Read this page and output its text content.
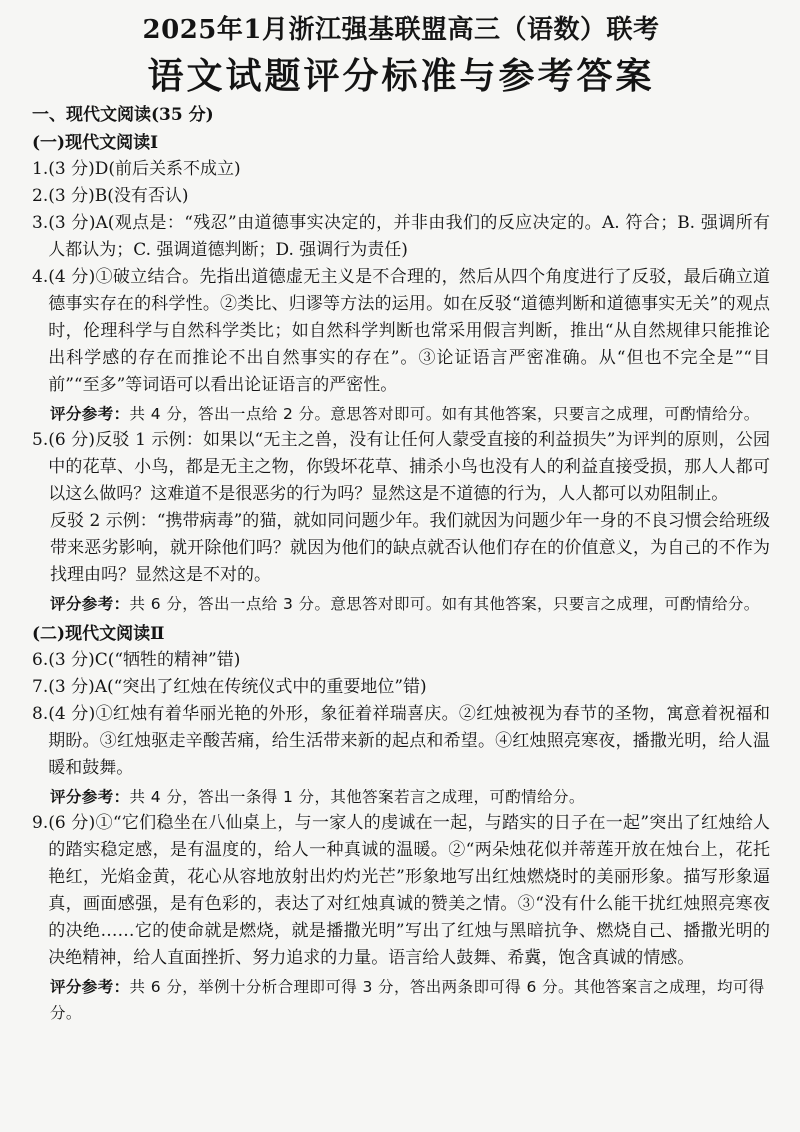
2025年1月浙江强基联盟高三（语数）联考
语文试题评分标准与参考答案
一、现代文阅读(35 分)
(一)现代文阅读Ⅰ
1. (3 分)D(前后关系不成立)
2. (3 分)B(没有否认)
3. (3 分)A(观点是：“残忍”由道德事实决定的，并非由我们的反应决定的。A. 符合；B. 强调所有人都认为；C. 强调道德判断；D. 强调行为责任)
4. (4 分)①破立结合。先指出道德虚无主义是不合理的，然后从四个角度进行了反驳，最后确立道德事实存在的科学性。②类比、归谬等方法的运用。如在反驳“道德判断和道德事实无关”的观点时，伦理科学与自然科学类比；如自然科学判断也常采用假言判断，推出“从自然规律只能推论出科学感的存在而推论不出自然事实的存在”。③论证语言严密准确。从“但也不完全是”“目前”“至多”等词语可以看出论证语言的严密性。
评分参考：共 4 分，答出一点给 2 分。意思答对即可。如有其他答案，只要言之成理，可酌情给分。
5. (6 分)反驳 1 示例：如果以“无主之兽，没有让任何人蒙受直接的利益损失”为评判的原则，公园中的花草、小鸟，都是无主之物，你毁坏花草、捕杀小鸟也没有人的利益直接受损，那人人都可以这么做吗？这难道不是很恶劣的行为吗？显然这是不道德的行为，人人都可以劝阻制止。
反驳 2 示例：“携带病毒”的猫，就如同问题少年。我们就因为问题少年一身的不良习惯会给班级带来恶劣影响，就开除他们吗？就因为他们的缺点就否认他们存在的价值意义，为自己的不作为找理由吗？显然这是不对的。
评分参考：共 6 分，答出一点给 3 分。意思答对即可。如有其他答案，只要言之成理，可酌情给分。
(二)现代文阅读Ⅱ
6. (3 分)C(“牺牲的精神”错)
7. (3 分)A(“突出了红烛在传统仪式中的重要地位”错)
8. (4 分)①红烛有着华丽光艳的外形，象征着祥瑞喜庆。②红烛被视为春节的圣物，寓意着祝福和期盼。③红烛驱走辛酸苦痛，给生活带来新的起点和希望。④红烛照亮寒夜，播撒光明，给人温暖和鼓舞。
评分参考：共 4 分，答出一条得 1 分，其他答案若言之成理，可酌情给分。
9. (6 分)①“它们稳坐在八仙桌上，与一家人的虔诚在一起，与踏实的日子在一起”突出了红烛给人的踏实稳定感，是有温度的，给人一种真诚的温暖。②“两朵烛花似并蒂莲开放在烛台上，花托艳红，光焰金黄，花心从容地放射出灼灼光芒”形象地写出红烛燃烧时的美丽形象。描写形象逼真，画面感强，是有色彩的，表达了对红烛真诚的赞美之情。③“没有什么能干扰红烛照亮寒夜的决绝……它的使命就是燃烧，就是播撒光明”写出了红烛与黑暗抗争、燃烧自己、播撒光明的决绝精神，给人直面挫折、努力追求的力量。语言给人鼓舞、希冀，饱含真诚的情感。
评分参考：共 6 分，举例十分析合理即可得 3 分，答出两条即可得 6 分。其他答案言之成理，均可得分。
